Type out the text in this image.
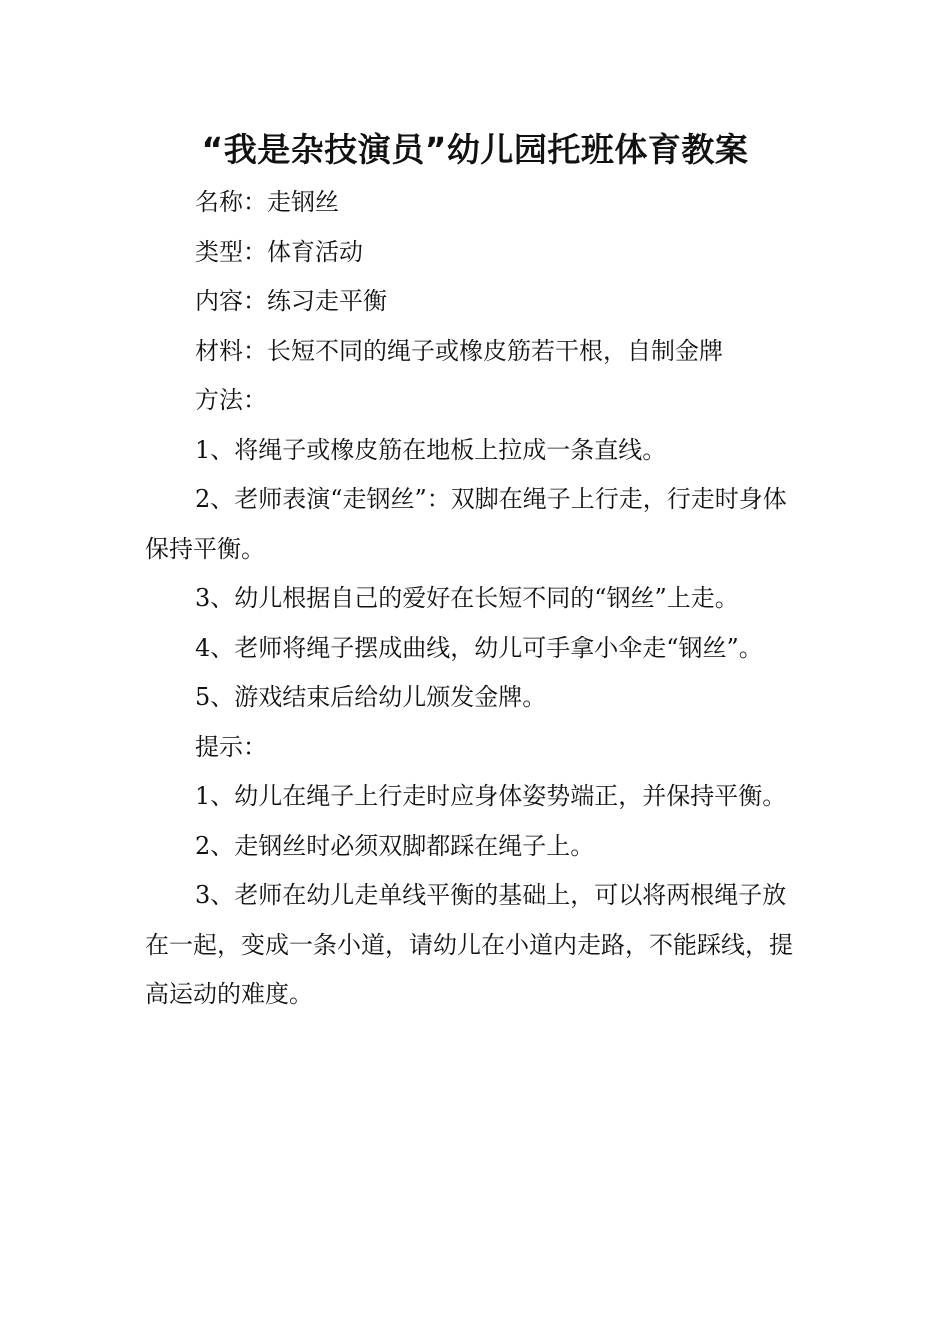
“我是杂技演员”幼儿园托班体育教案

名称：走钢丝

类型：体育活动

内容：练习走平衡

材料：长短不同的绳子或橡皮筋若干根，自制金牌

方法：

1、将绳子或橡皮筋在地板上拉成一条直线。

2、老师表演“走钢丝”：双脚在绳子上行走，行走时身体保持平衡。

3、幼儿根据自己的爱好在长短不同的“钢丝”上走。

4、老师将绳子摆成曲线，幼儿可手拿小伞走“钢丝”。

5、游戏结束后给幼儿颁发金牌。

提示：

1、幼儿在绳子上行走时应身体姿势端正，并保持平衡。

2、走钢丝时必须双脚都踩在绳子上。

3、老师在幼儿走单线平衡的基础上，可以将两根绳子放在一起，变成一条小道，请幼儿在小道内走路，不能踩线，提高运动的难度。
